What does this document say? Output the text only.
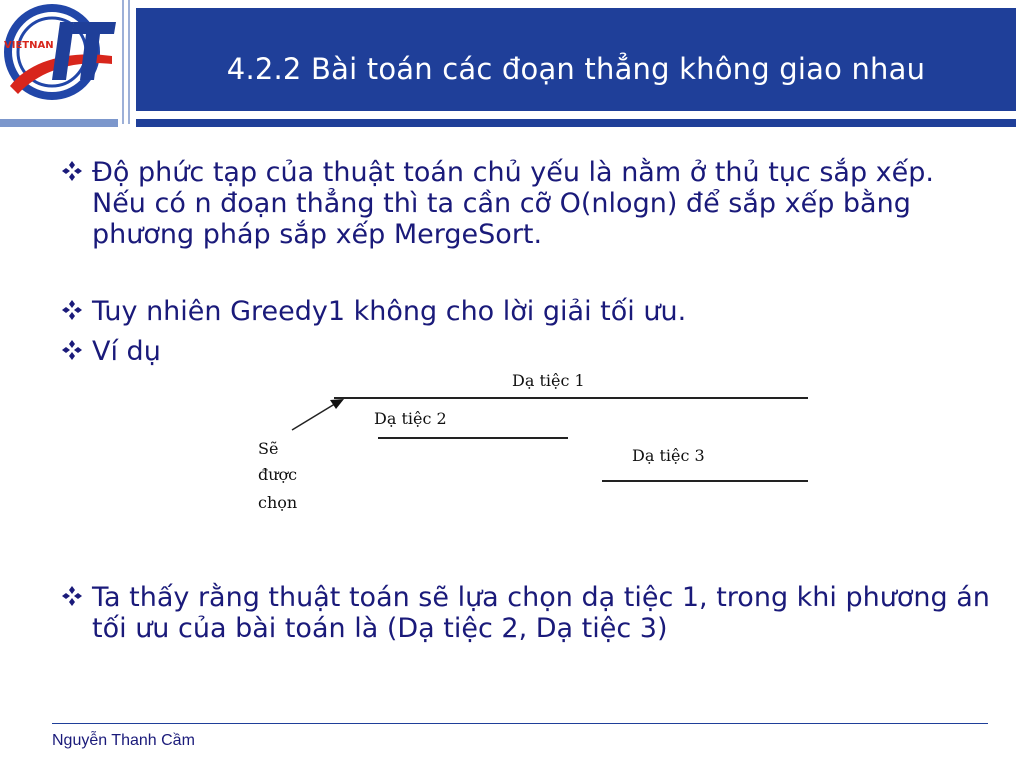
VIETNAN
4.2.2 Bài toán các đoạn thẳng không giao nhau
Độ phức tạp của thuật toán chủ yếu là nằm ở thủ tục sắp xếp. Nếu có n đoạn thẳng thì ta cần cỡ O(nlogn) để sắp xếp bằng phương pháp sắp xếp MergeSort.
Tuy nhiên Greedy1 không cho lời giải tối ưu.
Ví dụ
Dạ tiệc 1
Dạ tiệc 2
Dạ tiệc 3
Sẽ
được
chọn
Ta thấy rằng thuật toán sẽ lựa chọn dạ tiệc 1, trong khi phương án tối ưu của bài toán là (Dạ tiệc 2, Dạ tiệc 3)
Nguyễn Thanh Cầm
